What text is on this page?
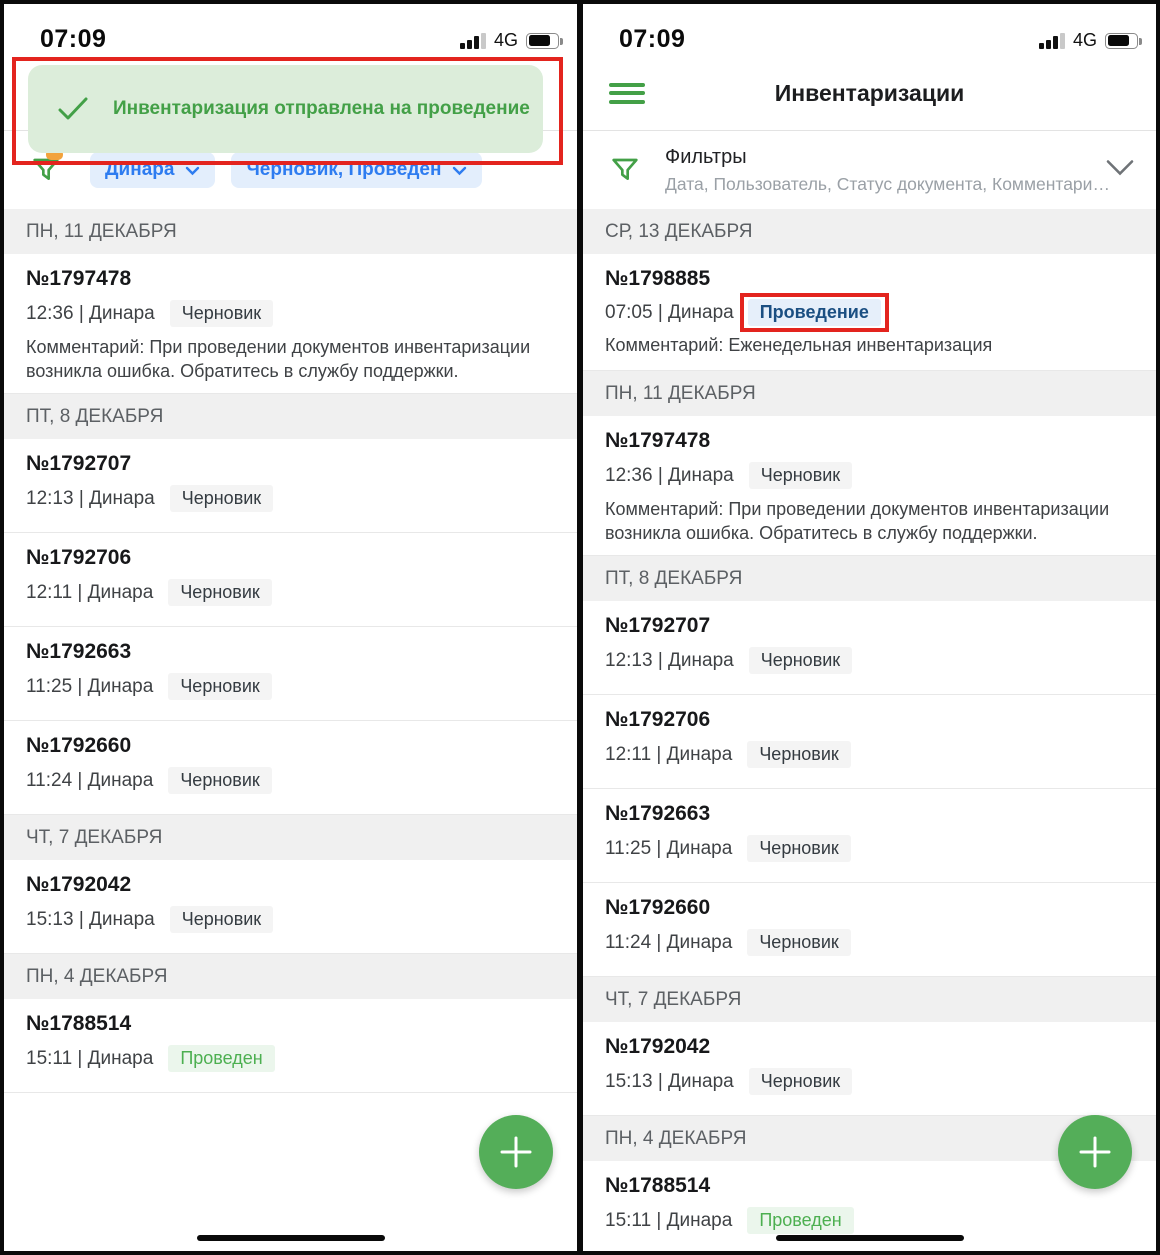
07:09	4G
Динара	Черновик, Проведен
ПН, 11 ДЕКАБРЯ
№1797478
12:36 | Динара	Черновик
Комментарий: При проведении документов инвентаризации возникла ошибка. Обратитесь в службу поддержки.
ПТ, 8 ДЕКАБРЯ
№1792707
12:13 | Динара	Черновик
№1792706
12:11 | Динара	Черновик
№1792663
11:25 | Динара	Черновик
№1792660
11:24 | Динара	Черновик
ЧТ, 7 ДЕКАБРЯ
№1792042
15:13 | Динара	Черновик
ПН, 4 ДЕКАБРЯ
№1788514
15:11 | Динара	Проведен
Инвентаризация отправлена на проведение
07:09	4G
Инвентаризации
Фильтры
Дата, Пользователь, Статус документа, Комментари…
СР, 13 ДЕКАБРЯ
№1798885
07:05 | Динара	Проведение
Комментарий: Еженедельная инвентаризация
ПН, 11 ДЕКАБРЯ
№1797478
12:36 | Динара	Черновик
Комментарий: При проведении документов инвентаризации возникла ошибка. Обратитесь в службу поддержки.
ПТ, 8 ДЕКАБРЯ
№1792707
12:13 | Динара	Черновик
№1792706
12:11 | Динара	Черновик
№1792663
11:25 | Динара	Черновик
№1792660
11:24 | Динара	Черновик
ЧТ, 7 ДЕКАБРЯ
№1792042
15:13 | Динара	Черновик
ПН, 4 ДЕКАБРЯ
№1788514
15:11 | Динара	Проведен
